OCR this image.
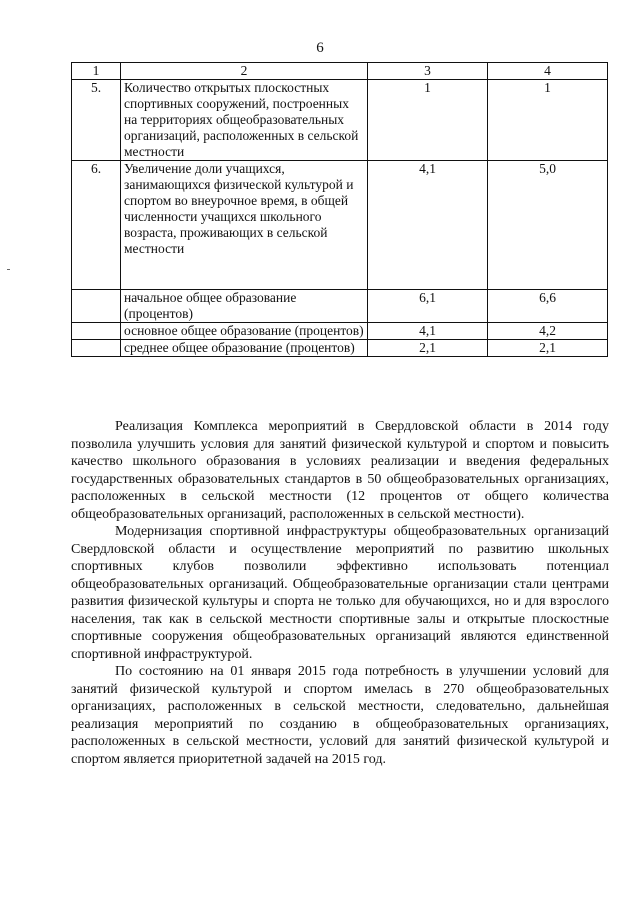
6
1	2	3	4
5.	Количество открытых плоскостных спортивных сооружений, построенных на территориях общеобразовательных организаций, расположенных в сельской местности	1	1
6.	Увеличение доли учащихся, занимающихся физической культурой и спортом во внеурочное время, в общей численности учащихся школьного возраста, проживающих в сельской местности	4,1	5,0
	начальное общее образование (процентов)	6,1	6,6
	основное общее образование (процентов)	4,1	4,2
	среднее общее образование (процентов)	2,1	2,1

Реализация Комплекса мероприятий в Свердловской области в 2014 году позволила улучшить условия для занятий физической культурой и спортом и повысить качество школьного образования в условиях реализации и введения федеральных государственных образовательных стандартов в 50 общеобразовательных организациях, расположенных в сельской местности (12 процентов от общего количества общеобразовательных организаций, расположенных в сельской местности).

Модернизация спортивной инфраструктуры общеобразовательных организаций Свердловской области и осуществление мероприятий по развитию школьных спортивных клубов позволили эффективно использовать потенциал общеобразовательных организаций. Общеобразовательные организации стали центрами развития физической культуры и спорта не только для обучающихся, но и для взрослого населения, так как в сельской местности спортивные залы и открытые плоскостные спортивные сооружения общеобразовательных организаций являются единственной спортивной инфраструктурой.

По состоянию на 01 января 2015 года потребность в улучшении условий для занятий физической культурой и спортом имелась в 270 общеобразовательных организациях, расположенных в сельской местности, следовательно, дальнейшая реализация мероприятий по созданию в общеобразовательных организациях, расположенных в сельской местности, условий для занятий физической культурой и спортом является приоритетной задачей на 2015 год.
